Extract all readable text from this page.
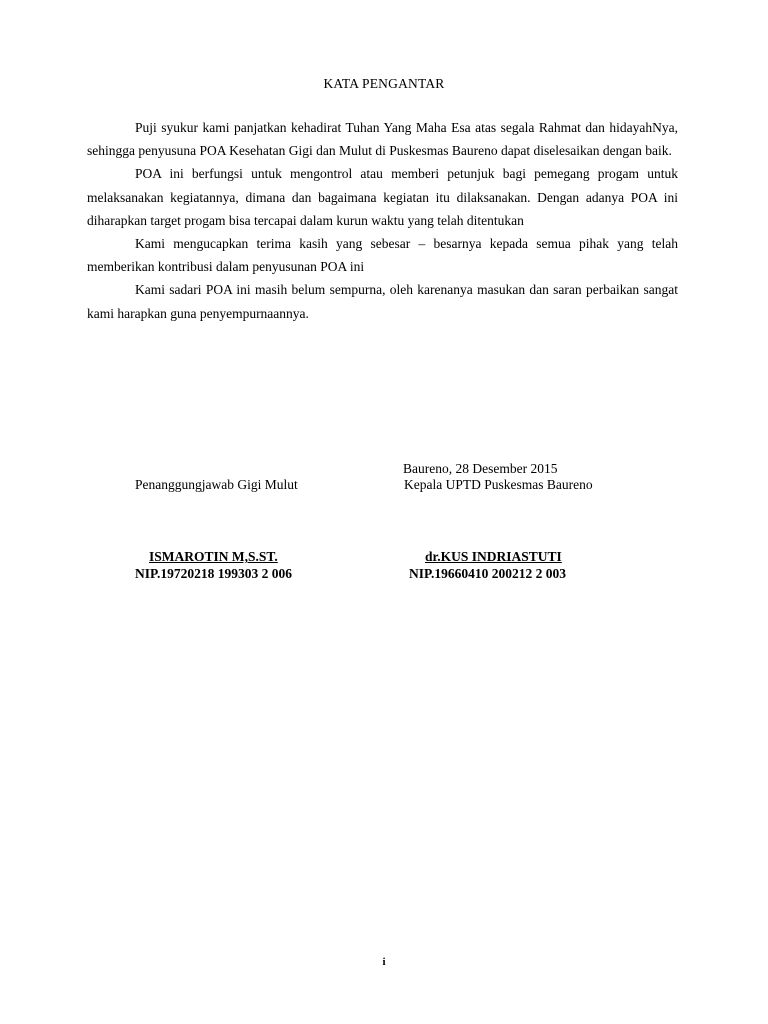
KATA PENGANTAR

Puji syukur kami panjatkan kehadirat Tuhan Yang Maha Esa atas segala Rahmat dan hidayahNya, sehingga penyusuna POA Kesehatan Gigi dan Mulut di Puskesmas Baureno dapat diselesaikan dengan baik.

POA ini berfungsi untuk mengontrol atau memberi petunjuk bagi pemegang progam untuk melaksanakan kegiatannya, dimana dan bagaimana kegiatan itu dilaksanakan. Dengan adanya POA ini diharapkan target progam bisa tercapai dalam kurun waktu yang telah ditentukan

Kami mengucapkan terima kasih yang sebesar – besarnya kepada semua pihak yang telah memberikan kontribusi dalam penyusunan POA ini

Kami sadari POA ini masih belum sempurna, oleh karenanya masukan dan saran perbaikan sangat kami harapkan guna penyempurnaannya.

Baureno, 28 Desember 2015
Penanggungjawab Gigi Mulut	Kepala UPTD Puskesmas Baureno
ISMAROTIN M,S.ST.	dr.KUS INDRIASTUTI
NIP.19720218 199303 2 006	NIP.19660410 200212 2 003
i
